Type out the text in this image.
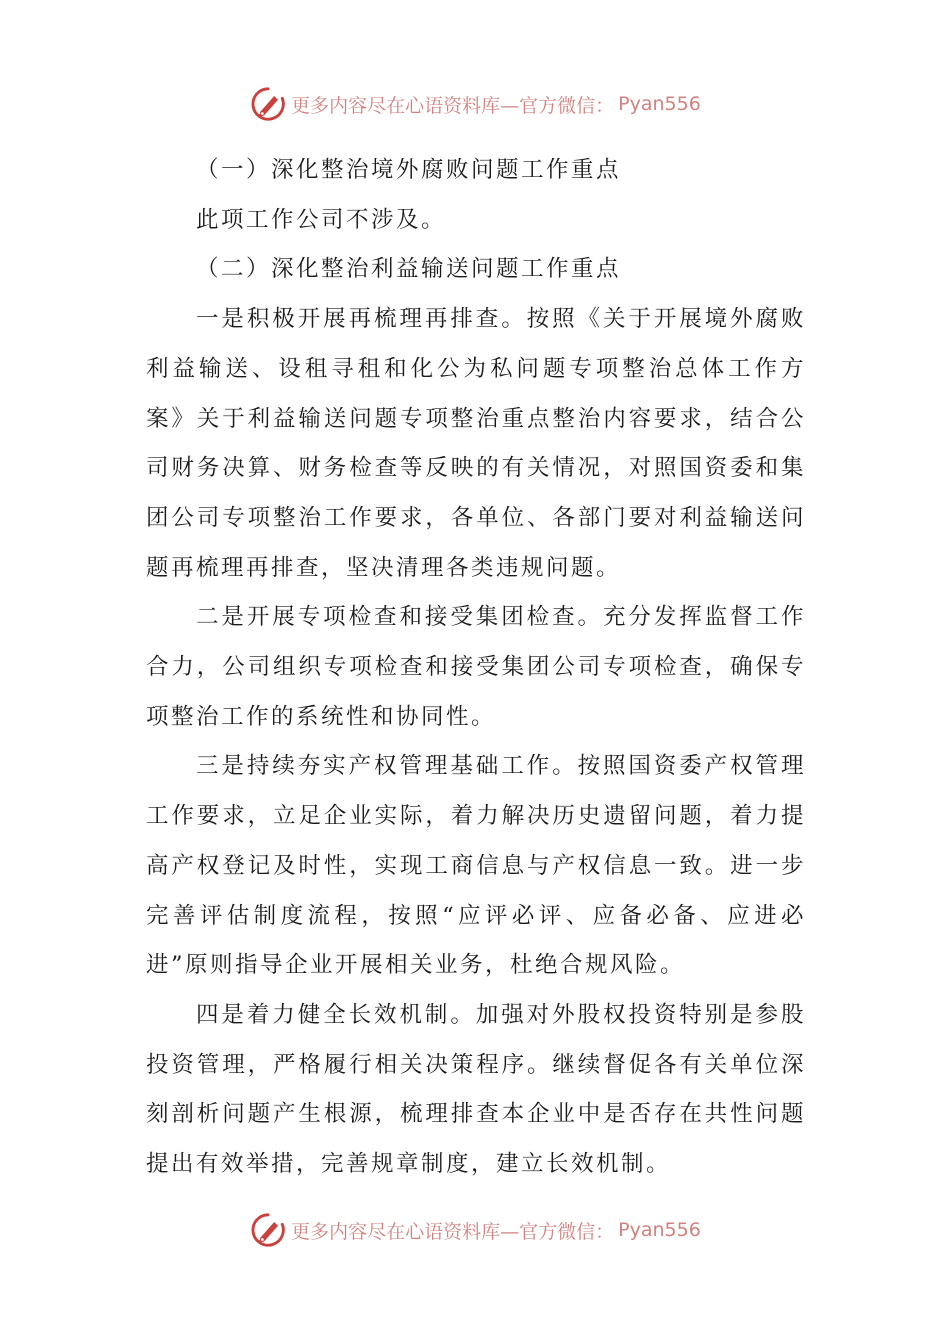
更多内容尽在心语资料库—官方微信： Pyan556

（一）深化整治境外腐败问题工作重点

此项工作公司不涉及。

（二）深化整治利益输送问题工作重点

一是积极开展再梳理再排查。按照《关于开展境外腐败利益输送、设租寻租和化公为私问题专项整治总体工作方案》关于利益输送问题专项整治重点整治内容要求，结合公司财务决算、财务检查等反映的有关情况，对照国资委和集团公司专项整治工作要求，各单位、各部门要对利益输送问题再梳理再排查，坚决清理各类违规问题。

二是开展专项检查和接受集团检查。充分发挥监督工作合力，公司组织专项检查和接受集团公司专项检查，确保专项整治工作的系统性和协同性。

三是持续夯实产权管理基础工作。按照国资委产权管理工作要求，立足企业实际，着力解决历史遗留问题，着力提高产权登记及时性，实现工商信息与产权信息一致。进一步完善评估制度流程，按照“应评必评、应备必备、应进必进”原则指导企业开展相关业务，杜绝合规风险。

四是着力健全长效机制。加强对外股权投资特别是参股投资管理，严格履行相关决策程序。继续督促各有关单位深刻剖析问题产生根源，梳理排查本企业中是否存在共性问题提出有效举措，完善规章制度，建立长效机制。

更多内容尽在心语资料库—官方微信： Pyan556
